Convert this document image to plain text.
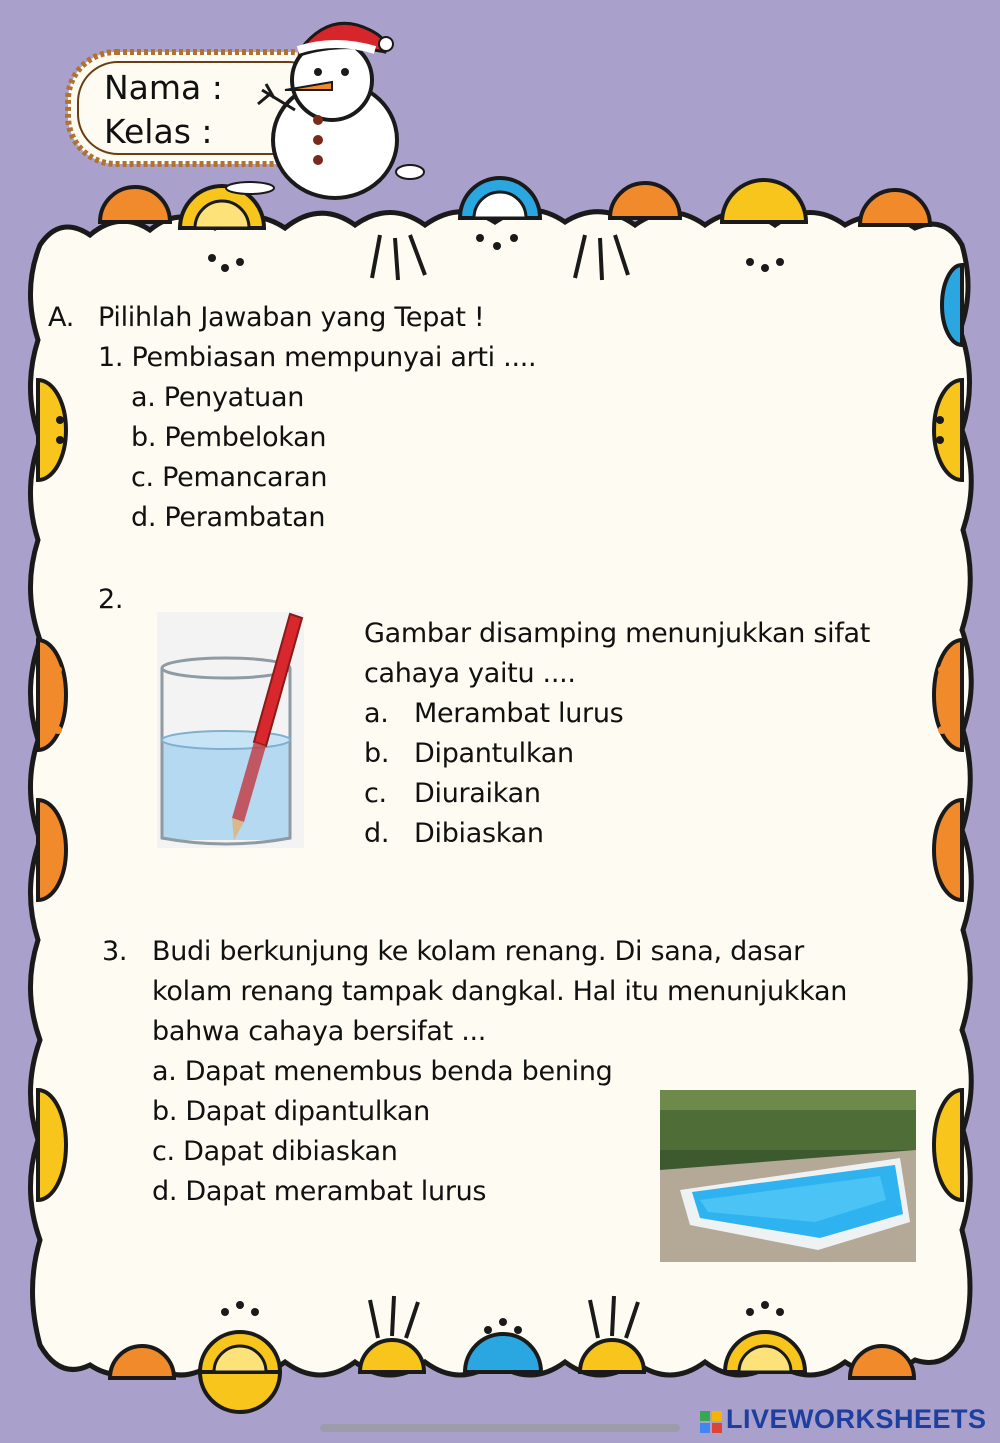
Nama :
Kelas :
A. Pilihlah Jawaban yang Tepat !
1. Pembiasan mempunyai arti ....
a. Penyatuan
b. Pembelokan
c. Pemancaran
d. Perambatan
2.
Gambar disamping menunjukkan sifat
cahaya yaitu ....
a. Merambat lurus
b. Dipantulkan
c. Diuraikan
d. Dibiaskan
3. Budi berkunjung ke kolam renang. Di sana, dasar
kolam renang tampak dangkal. Hal itu menunjukkan
bahwa cahaya bersifat ...
a. Dapat menembus benda bening
b. Dapat dipantulkan
c. Dapat dibiaskan
d. Dapat merambat lurus
LIVEWORKSHEETS
